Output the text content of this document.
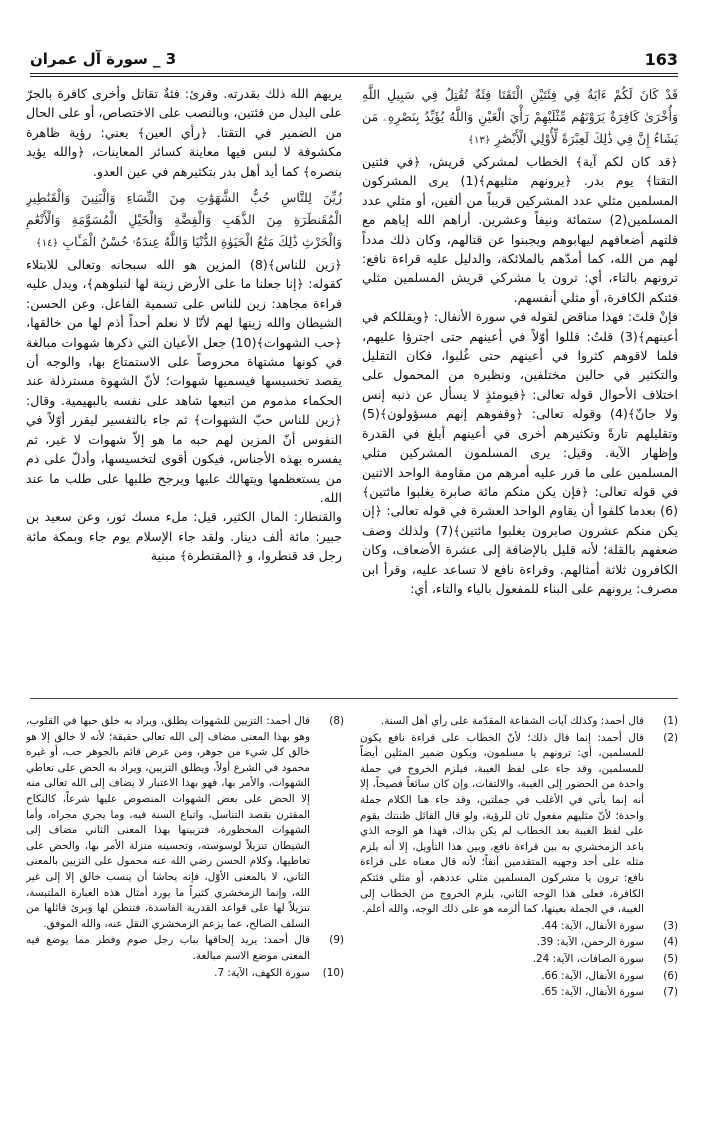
163
3 _ سورة آل عمران

قَدْ كَانَ لَكُمْ ءَايَةٌ فِي فِئَتَيْنِ الْتَقَتَا فِئَةٌ تُقَٰتِلُ فِي سَبِيلِ اللَّهِ وَأُخْرَىٰ كَافِرَةٌ يَرَوْنَهُم مِّثْلَيْهِمْ رَأْيَ الْعَيْنِ وَاللَّهُ يُؤَيِّدُ بِنَصْرِهِۦ مَن يَشَاءُ إِنَّ فِي ذَٰلِكَ لَعِبْرَةً لِّأُوْلِي الْأَبْصَٰرِ ﴿١٣﴾

﴿قد كان لكم آية﴾ الخطاب لمشركي قريش، ﴿في فئتين التقتا﴾ يوم بدر. ﴿يرونهم مثليهم﴾(1) يرى المشركون المسلمين مثلي عدد المشركين قريباً من ألفين، أو مثلي عدد المسلمين(2) ستمائة ونيفاً وعشرين. أراهم الله إياهم مع قلتهم أضعافهم ليهابوهم ويجبنوا عن قتالهم، وكان ذلك مدداً لهم من الله، كما أمدّهم بالملائكة، والدليل عليه قراءة نافع: ترونهم بالتاء، أي: ترون يا مشركي قريش المسلمين مثلي فئتكم الكافرة، أو مثلي أنفسهم.

فإنْ قلتَ: فهذا مناقض لقوله في سورة الأنفال: ﴿ويقللكم في أعينهم﴾(3) قلتُ: قللوا أوّلاً في أعينهم حتى اجترؤا عليهم، فلما لاقوهم كثروا في أعينهم حتى غُلبوا، فكان التقليل والتكثير في حالين مختلفين، ونظيره من المحمول على اختلاف الأحوال قوله تعالى: ﴿فيومئذٍ لا يسأل عن ذنبه إنس ولا جانّ﴾(4) وقوله تعالى: ﴿وقفوهم إنهم مسؤولون﴾(5) وتقليلهم تارةً وتكثيرهم أخرى في أعينهم أبلغ في القدرة وإظهار الآية. وقيل: يرى المسلمون المشركين مثلي المسلمين على ما قرر عليه أمرهم من مقاومة الواحد الاثنين في قوله تعالى: ﴿فإن يكن منكم مائة صابرة يغلبوا مائتين﴾(6) بعدما كلفوا أن يقاوم الواحد العشرة في قوله تعالى: ﴿إن يكن منكم عشرون صابرون يغلبوا مائتين﴾(7) ولذلك وصف ضعفهم بالقلة؛ لأنه قليل بالإضافة إلى عشرة الأضعاف، وكان الكافرون ثلاثة أمثالهم. وقراءة نافع لا تساعد عليه، وقرأ ابن مصرف: يرونهم على البناء للمفعول بالياء والتاء، أي:

يريهم الله ذلك بقدرته. وقرئ: فئةٌ تقاتل وأخرى كافرة بالجرّ على البدل من فئتين، وبالنصب على الاختصاص، أو على الحال من الضمير في التقتا. ﴿رأي العين﴾ يعني: رؤية ظاهرة مكشوفة لا لبس فيها معاينة كسائر المعاينات، ﴿والله يؤيد بنصره﴾ كما أيد أهل بدر بتكثيرهم في عين العدو.

زُيِّنَ لِلنَّاسِ حُبُّ الشَّهَوَٰتِ مِنَ النِّسَاءِ وَالْبَنِينَ وَالْقَنَٰطِيرِ الْمُقَنطَرَةِ مِنَ الذَّهَبِ وَالْفِضَّةِ وَالْخَيْلِ الْمُسَوَّمَةِ وَالْأَنْعَٰمِ وَالْحَرْثِ ذَٰلِكَ مَتَٰعُ الْحَيَوٰةِ الدُّنْيَا وَاللَّهُ عِندَهُۥ حُسْنُ الْمَـَٔابِ ﴿١٤﴾

﴿زين للناس﴾(8) المزين هو الله سبحانه وتعالى للابتلاء كقوله: ﴿إنا جعلنا ما على الأرض زينة لها لنبلوهم﴾، ويدل عليه قراءة مجاهد: زين للناس على تسمية الفاعل. وعن الحسن: الشيطان والله زينها لهم لأنّا لا نعلم أحداً أذم لها من خالقها، ﴿حب الشهوات﴾(10) جعل الأعيان التي ذكرها شهوات مبالغة في كونها مشتهاة محروصاً على الاستمتاع بها، والوجه أن يقصد تخسيسها فيسميها شهوات؛ لأنّ الشهوة مسترذلة عند الحكماء مذموم من اتبعها شاهد على نفسه بالبهيمية. وقال: ﴿زين للناس حبّ الشهوات﴾ ثم جاء بالتفسير ليقرر أوّلاً في النفوس أنّ المزين لهم حبه ما هو إلاّ شهوات لا غير، ثم يفسره بهذه الأجناس، فيكون أقوى لتخسيسها، وأدلّ على ذم من يستعظمها ويتهالك عليها ويرجح طلبها على طلب ما عند الله.

والقنطار: المال الكثير، قيل: ملء مسك ثور، وعن سعيد بن جبير: مائة ألف دينار. ولقد جاء الإسلام يوم جاء وبمكة مائة رجل قد قنطروا، و ﴿المقنطرة﴾ مبنية

(1)
قال أحمد: وكذلك آيات الشفاعة المقدّمة على رأي أهل السنة.
(2)
قال أحمد: إنما قال ذلك؛ لأنّ الخطاب على قراءة نافع يكون للمسلمين، أي: ترونهم يا مسلمون، ويكون ضمير المثلين أيضاً للمسلمين، وقد جاء على لفظ الغيبة، فيلزم الخروج في جملة واحدة من الحضور إلى الغيبة، والالتفات، وإن كان سائغاً فصيحاً، إلا أنه إنما يأتي في الأغلب في جملتين، وقد جاء هنا الكلام جملة واحدة؛ لأنّ مثليهم مفعول ثان للرؤية، ولو قال القائل ظننتك يقوم على لفظ الغيبة بعد الخطاب لم يكن بذاك، فهذا هو الوجه الذي باعد الزمخشري به بين قراءة نافع، وبين هذا التأويل، إلا أنه يلزم مثله على أحد وجهيه المتقدمين آنفاً؛ لأنه قال معناه على قراءة نافع: ترون يا مشركون المسلمين مثلي عددهم، أو مثلي فئتكم الكافرة، فعلى هذا الوجه الثاني، يلزم الخروج من الخطاب إلى الغيبة، في الجملة بعينها، كما ألزمه هو على ذلك الوجه، والله أعلم.
(3)
سورة الأنفال، الآية: 44.
(4)
سورة الرحمن، الآية: 39.
(5)
سورة الصافات، الآية: 24.
(6)
سورة الأنفال، الآية: 66.
(7)
سورة الأنفال، الآية: 65.
(8)
قال أحمد: التزيين للشهوات يطلق، ويراد به خلق حبها في القلوب، وهو بهذا المعنى مضاف إلى الله تعالى حقيقة؛ لأنه لا خالق إلا هو خالق كل شيء من جوهر، ومن عرض قائم بالجوهر حب، أو غيره محمود في الشرع أولاً، ويطلق التزيين، ويراد به الحض على تعاطي الشهوات، والأمر بها، فهو بهذا الاعتبار لا يضاف إلى الله تعالى منه إلا الحض على بعض الشهوات المنصوص عليها شرعاً، كالنكاح المقترن بقصد التناسل، واتباع السنة فيه، وما يجري مجراه، وأما الشهوات المحظورة، فتزيينها بهذا المعنى الثاني مضاف إلى الشيطان تنزيلاً لوسوسته، وتحسينه منزلة الأمر بها، والحض على تعاطيها، وكلام الحسن رضي الله عنه محمول على التزيين بالمعنى الثاني، لا بالمعنى الأوّل، فإنه يحاشا أن ينسب خالق إلا إلى غير الله، وإنما الزمخشري كثيراً ما يورد أمثال هذه العبارة الملتبسة، تنزيلاً لها على قواعد القدرية الفاسدة، فتنطن لها وبرئ قائلها من السلف الصالح، عما يزعم الزمخشري النقل عنه، والله الموفق.
(9)
قال أحمد: يريد إلحاقها بباب رجل صوم وفطر مما يوضع فيه المعنى موضع الاسم مبالغة.
(10)
سورة الكهف، الآية: 7.
